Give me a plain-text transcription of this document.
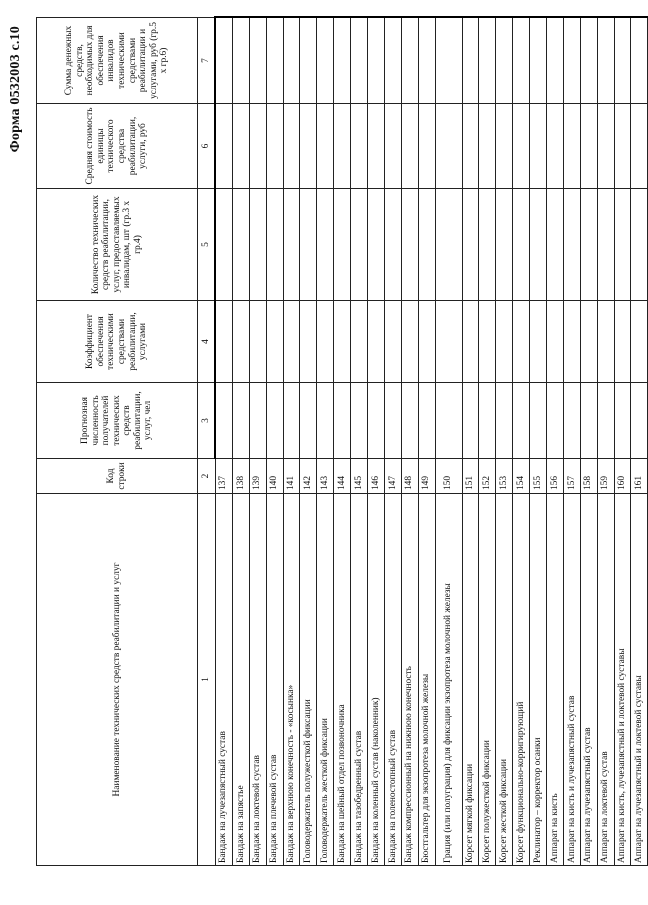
Форма 0532003 с.10
Наименование технических средств реабилитации и услуг	Код строки	Прогнозная численность получателей технических средств реабилитации, услуг, чел	Коэффициент обеспечения техническими средствами реабилитации, услугами	Количество технических средств реабилитации, услуг, предоставляемых инвалидам, шт (гр.3 х гр.4)	Средняя стоимость единицы технического средства реабилитации, услуги, руб	Сумма денежных средств, необходимых для обеспечения инвалидов техническими средствами реабилитации и услугами, руб (гр.5 х гр.6)
1	2	3	4	5	6	7
Бандаж на лучезапястный сустав	137					
Бандаж на запястье	138					
Бандаж на локтевой сустав	139					
Бандаж на плечевой сустав	140					
Бандаж на верхнюю конечность - «косынка»	141					
Головодержатель полужесткой фиксации	142					
Головодержатель жесткой фиксации	143					
Бандаж на шейный отдел позвоночника	144					
Бандаж на тазобедренный сустав	145					
Бандаж на коленный сустав (наколенник)	146					
Бандаж на голеностопный сустав	147					
Бандаж компрессионный на нижнюю конечность	148					
Бюстгальтер для экзопротеза молочной железы	149					
Грация (или полуграция) для фиксации экзопротеза молочной железы	150					
Корсет мягкой фиксации	151					
Корсет полужесткой фиксации	152					
Корсет жесткой фиксации	153					
Корсет функционально-корригирующий	154					
Реклинатор – корректор осанки	155					
Аппарат на кисть	156					
Аппарат на кисть и лучезапястный сустав	157					
Аппарат на лучезапястный сустав	158					
Аппарат на локтевой сустав	159					
Аппарат на кисть, лучезапястный и локтевой суставы	160					
Аппарат на лучезапястный и локтевой суставы	161					
